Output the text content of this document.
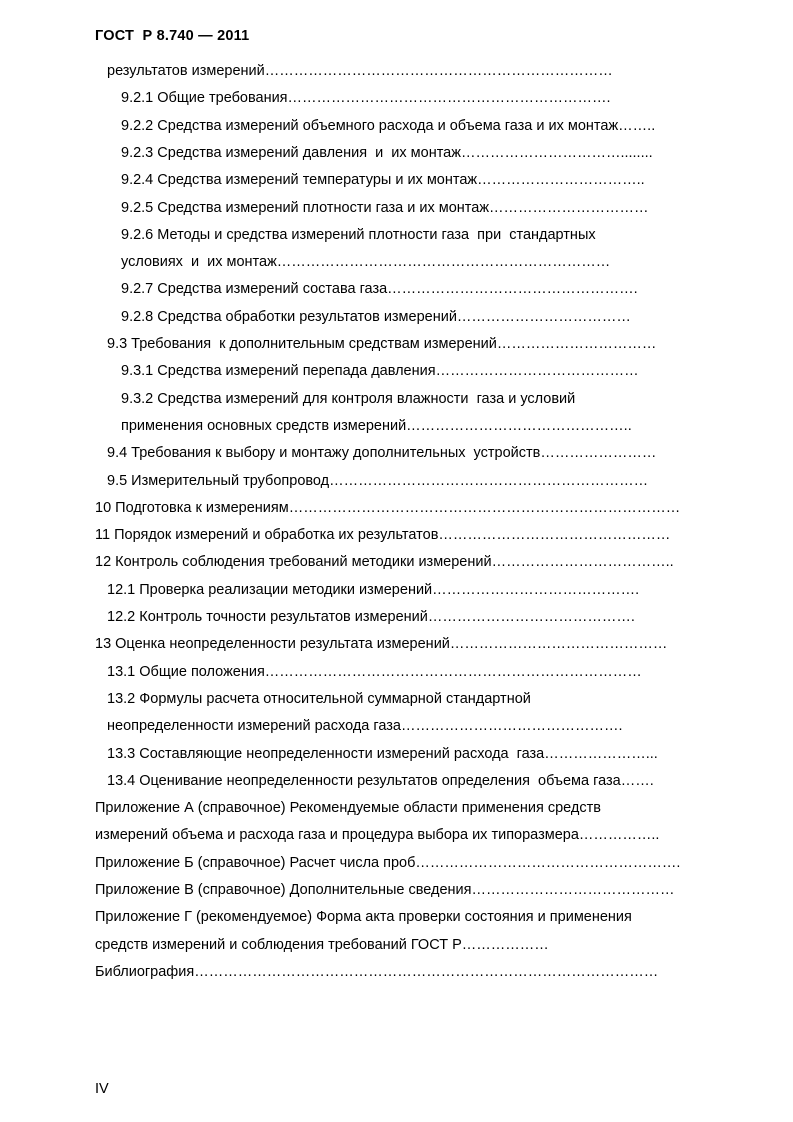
ГОСТ  Р 8.740 — 2011
результатов измерений………………………………………………………………
9.2.1 Общие требования………………………………………………………….
9.2.2 Средства измерений объемного расхода и объема газа и их монтаж……..
9.2.3 Средства измерений давления  и  их монтаж……………………………........
9.2.4 Средства измерений температуры и их монтаж……………………………..
9.2.5 Средства измерений плотности газа и их монтаж……………………………
9.2.6 Методы и средства измерений плотности газа  при  стандартных
условиях  и  их монтаж……………………………………………………………
9.2.7 Средства измерений состава газа…………………………………………….
9.2.8 Средства обработки результатов измерений………………………………
9.3 Требования  к дополнительным средствам измерений……………………………
9.3.1 Средства измерений перепада давления……………………………………
9.3.2 Средства измерений для контроля влажности  газа и условий
применения основных средств измерений………………………………………..
9.4 Требования к выбору и монтажу дополнительных  устройств……………………
9.5 Измерительный трубопровод…………………………………………………………
10 Подготовка к измерениям………………………………………………………………………
11 Порядок измерений и обработка их результатов…………………………………………
12 Контроль соблюдения требований методики измерений………………………………..
12.1 Проверка реализации методики измерений…………………………………….
12.2 Контроль точности результатов измерений…………………………………….
13 Оценка неопределенности результата измерений………………………………………
13.1 Общие положения……………………………………………………………………
13.2 Формулы расчета относительной суммарной стандартной
неопределенности измерений расхода газа……………………………………….
13.3 Составляющие неопределенности измерений расхода  газа…………………...
13.4 Оценивание неопределенности результатов определения  объема газа…….
Приложение А (справочное) Рекомендуемые области применения средств
измерений объема и расхода газа и процедура выбора их типоразмера……………..
Приложение Б (справочное) Расчет числа проб……………………………………………….
Приложение В (справочное) Дополнительные сведения……………………………………
Приложение Г (рекомендуемое) Форма акта проверки состояния и применения
средств измерений и соблюдения требований ГОСТ Р………………
Библиография……………………………………………………………………………………
IV
